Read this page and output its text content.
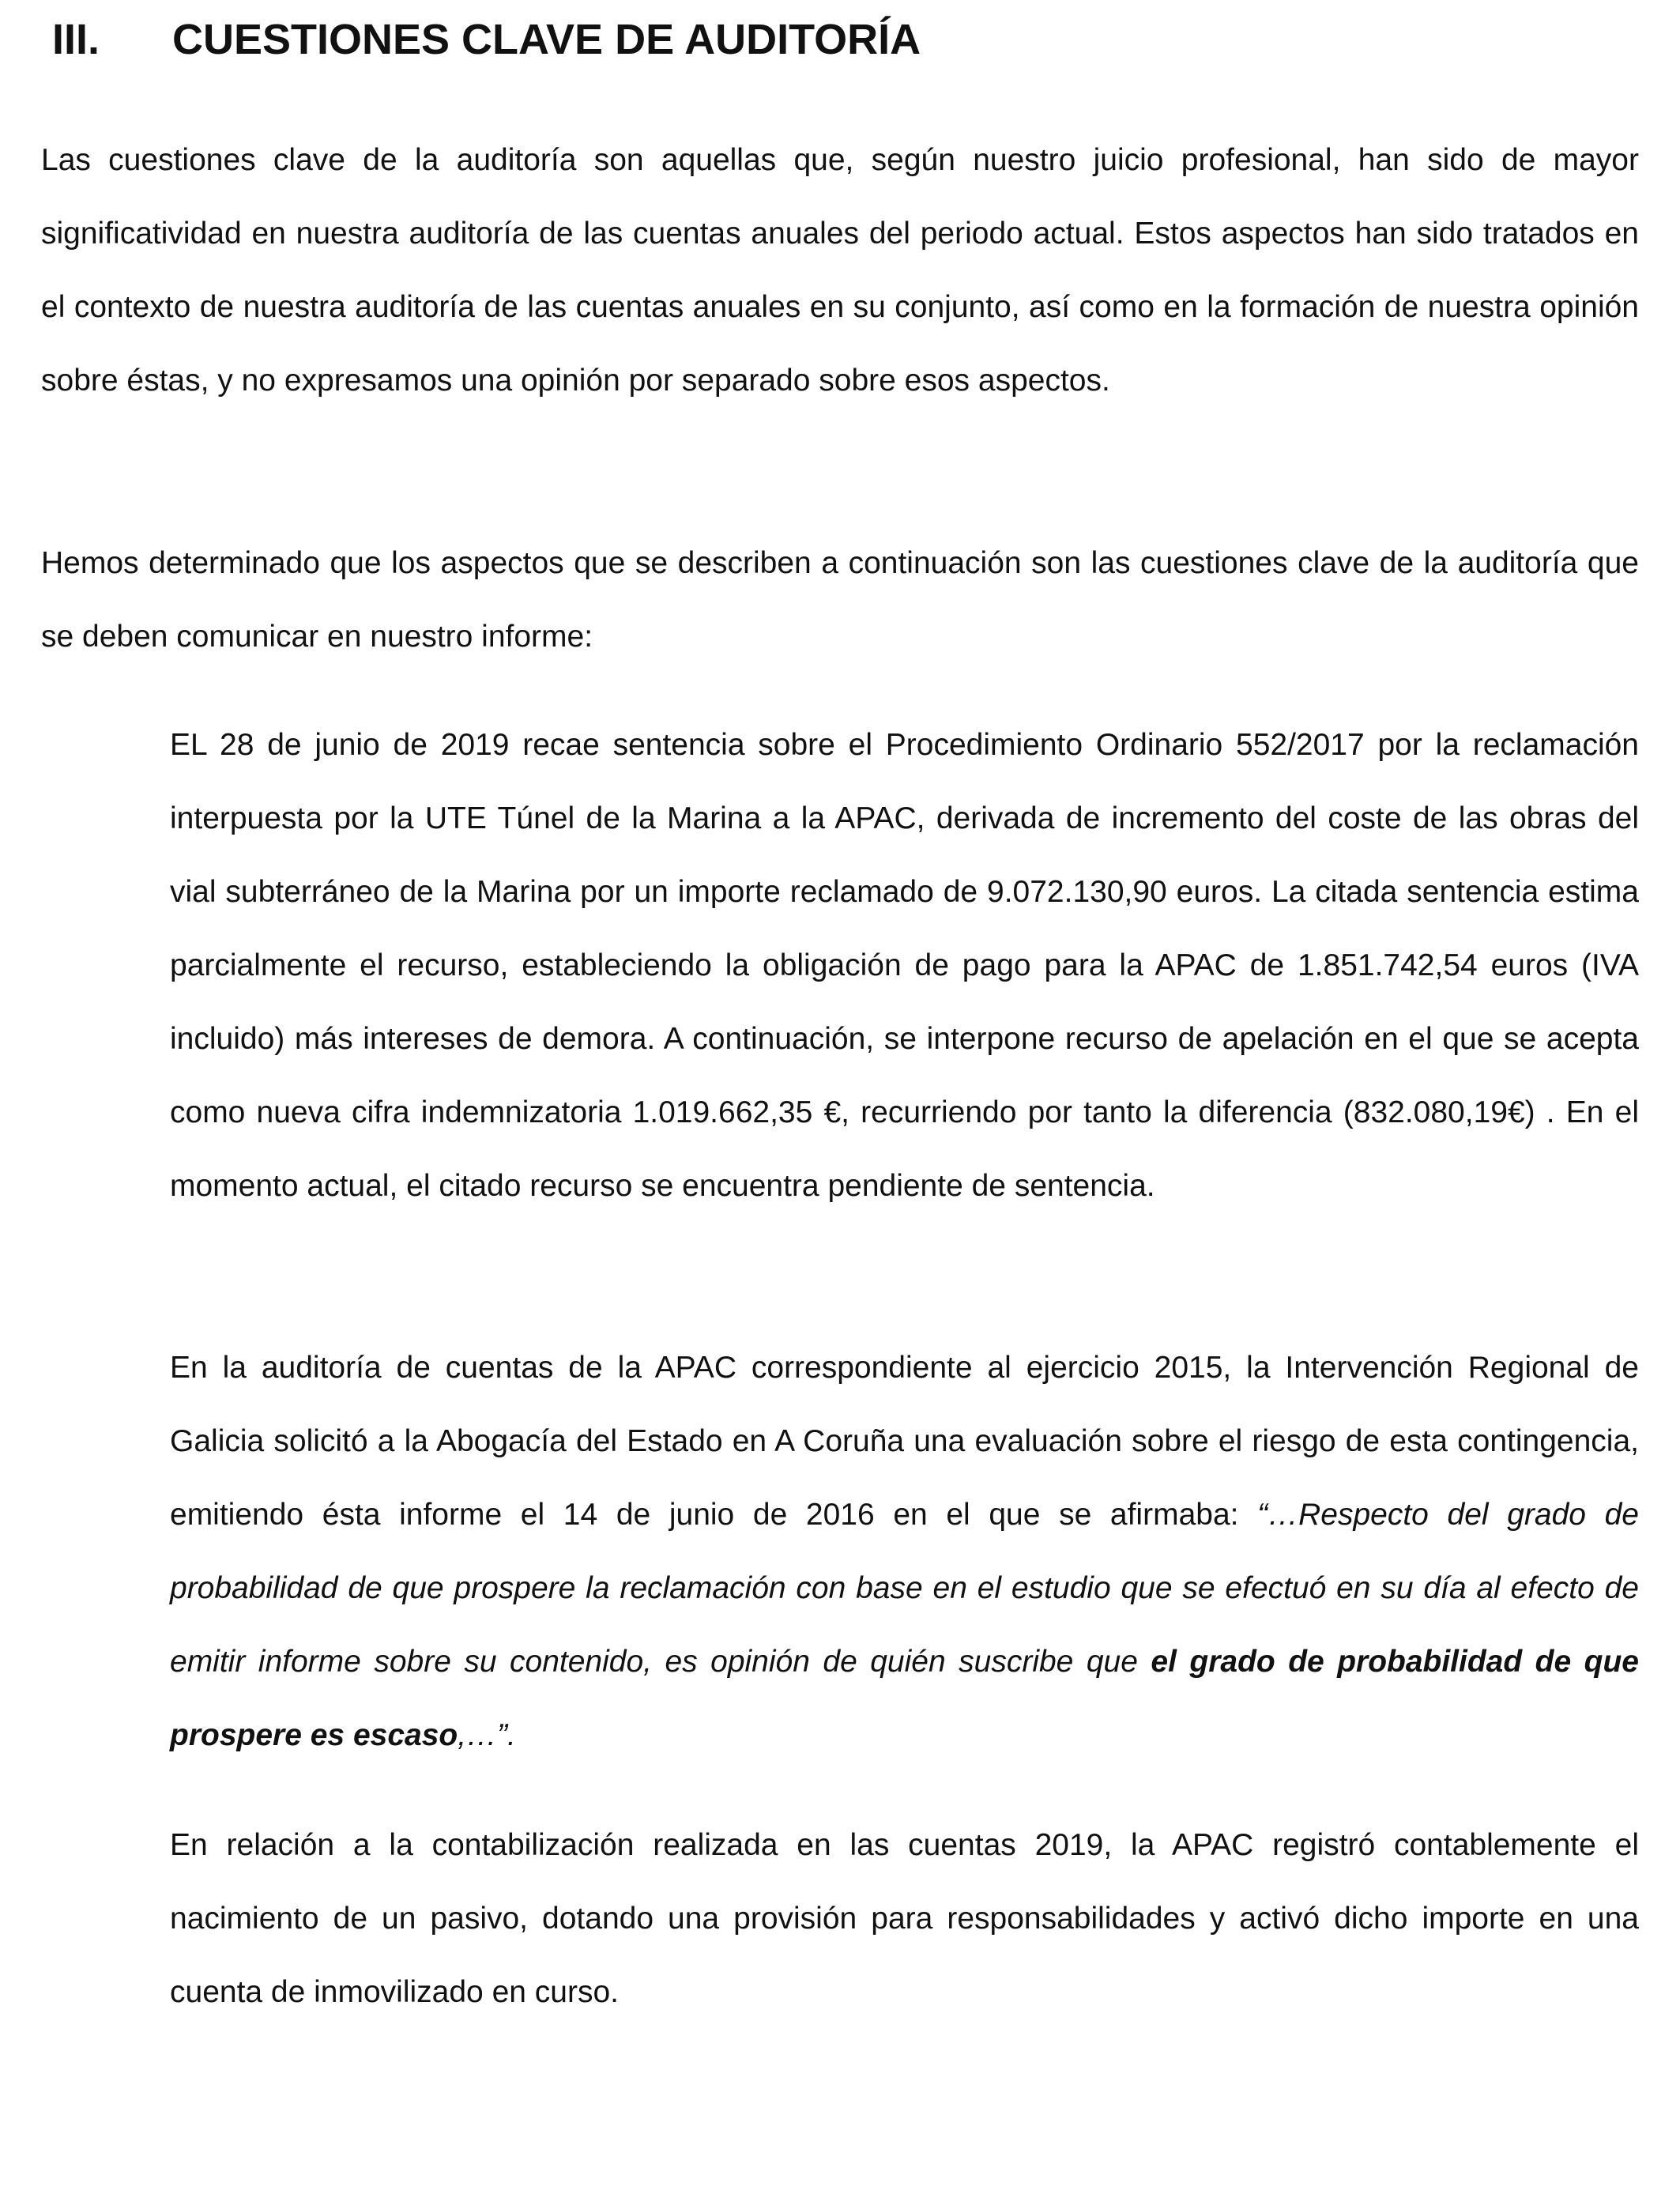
III.	CUESTIONES CLAVE DE AUDITORÍA

Las cuestiones clave de la auditoría son aquellas que, según nuestro juicio profesional, han sido de mayor significatividad en nuestra auditoría de las cuentas anuales del periodo actual. Estos aspectos han sido tratados en el contexto de nuestra auditoría de las cuentas anuales en su conjunto, así como en la formación de nuestra opinión sobre éstas, y no expresamos una opinión por separado sobre esos aspectos.

Hemos determinado que los aspectos que se describen a continuación son las cuestiones clave de la auditoría que se deben comunicar en nuestro informe:

EL 28 de junio de 2019 recae sentencia sobre el Procedimiento Ordinario 552/2017 por la reclamación interpuesta por la UTE Túnel de la Marina a la APAC, derivada de incremento del coste de las obras del vial subterráneo de la Marina por un importe reclamado de 9.072.130,90 euros. La citada sentencia estima parcialmente el recurso, estableciendo la obligación de pago para la APAC de 1.851.742,54 euros (IVA incluido) más intereses de demora. A continuación, se interpone recurso de apelación en el que se acepta como nueva cifra indemnizatoria 1.019.662,35 €, recurriendo por tanto la diferencia (832.080,19€) . En el momento actual, el citado recurso se encuentra pendiente de sentencia.

En la auditoría de cuentas de la APAC correspondiente al ejercicio 2015, la Intervención Regional de Galicia solicitó a la Abogacía del Estado en A Coruña una evaluación sobre el riesgo de esta contingencia, emitiendo ésta informe el 14 de junio de 2016 en el que se afirmaba: “…Respecto del grado de probabilidad de que prospere la reclamación con base en el estudio que se efectuó en su día al efecto de emitir informe sobre su contenido, es opinión de quién suscribe que el grado de probabilidad de que prospere es escaso,…”.

En relación a la contabilización realizada en las cuentas 2019, la APAC registró contablemente el nacimiento de un pasivo, dotando una provisión para responsabilidades y activó dicho importe en una cuenta de inmovilizado en curso.
